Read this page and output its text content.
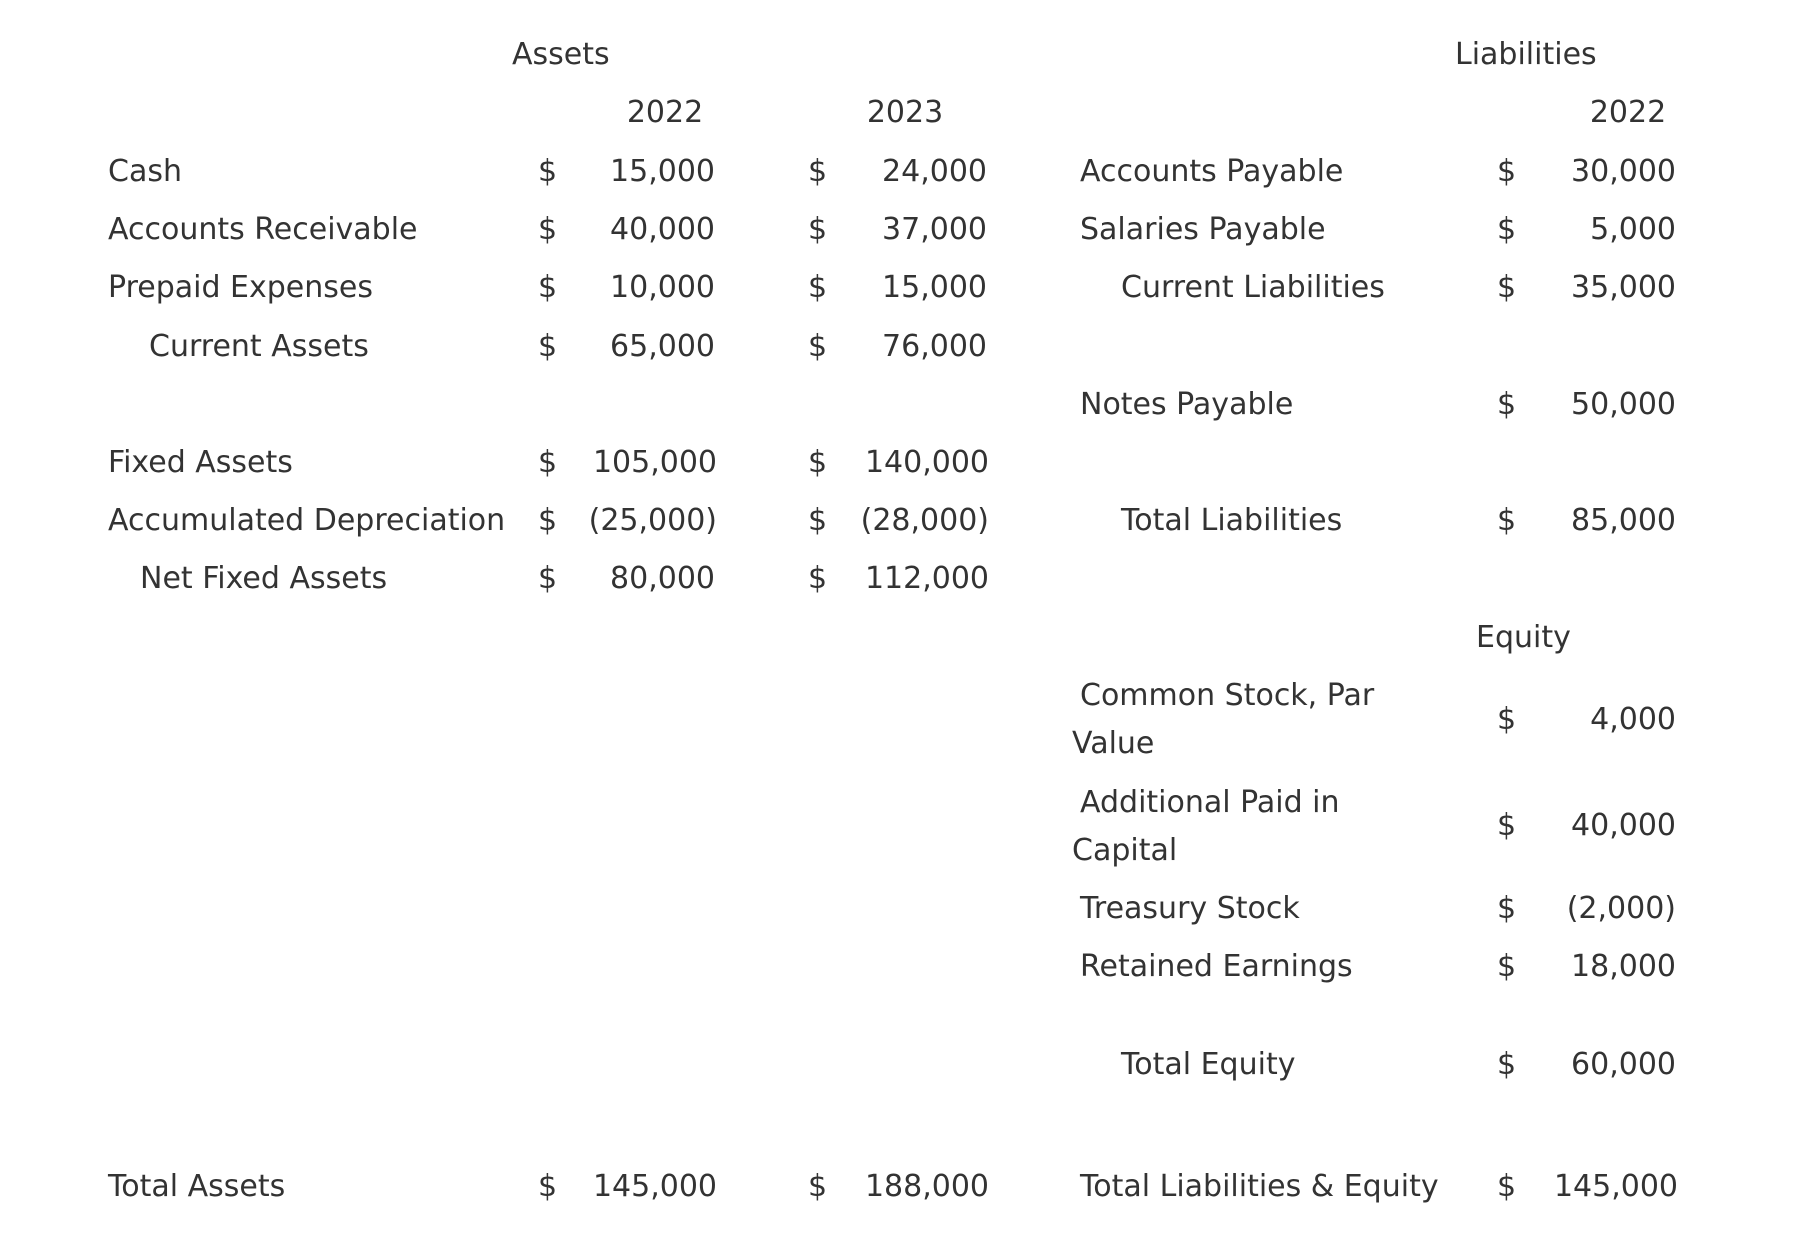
Assets	Liabilities
2022	2023	2022
Cash	$	15,000	$	24,000
Accounts Receivable	$	40,000	$	37,000
Prepaid Expenses	$	10,000	$	15,000
Current Assets	$	65,000	$	76,000
Fixed Assets	$ 105,000	$	140,000
Accumulated Depreciation $ (25,000)	$ (28,000)
Net Fixed Assets	$	80,000	$	112,000
Total Assets	$ 145,000	$	188,000
Accounts Payable	$	30,000
Salaries Payable	$	5,000
Current Liabilities	$	35,000
Notes Payable	$	50,000
Total Liabilities	$	85,000
Equity
Common Stock, Par
Value
$	4,000
Additional Paid in
Capital
$	40,000
Treasury Stock	$	(2,000)
Retained Earnings	$	18,000
Total Equity	$	60,000
Total Liabilities & Equity $ 145,000
